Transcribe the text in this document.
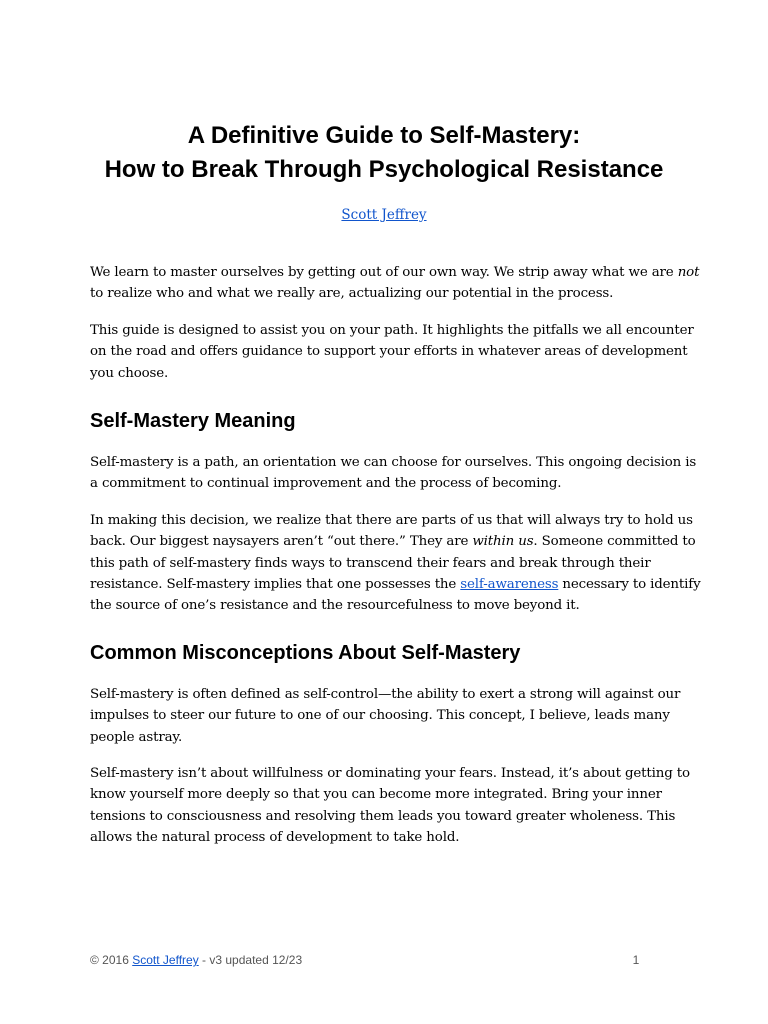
A Definitive Guide to Self-Mastery:
How to Break Through Psychological Resistance
Scott Jeffrey

We learn to master ourselves by getting out of our own way. We strip away what we are not
to realize who and what we really are, actualizing our potential in the process.

This guide is designed to assist you on your path. It highlights the pitfalls we all encounter
on the road and offers guidance to support your efforts in whatever areas of development
you choose.

Self-Mastery Meaning

Self-mastery is a path, an orientation we can choose for ourselves. This ongoing decision is
a commitment to continual improvement and the process of becoming.

In making this decision, we realize that there are parts of us that will always try to hold us
back. Our biggest naysayers aren’t “out there.” They are within us. Someone committed to
this path of self-mastery finds ways to transcend their fears and break through their
resistance. Self-mastery implies that one possesses the self-awareness necessary to identify
the source of one’s resistance and the resourcefulness to move beyond it.

Common Misconceptions About Self-Mastery

Self-mastery is often defined as self-control—the ability to exert a strong will against our
impulses to steer our future to one of our choosing. This concept, I believe, leads many
people astray.

Self-mastery isn’t about willfulness or dominating your fears. Instead, it’s about getting to
know yourself more deeply so that you can become more integrated. Bring your inner
tensions to consciousness and resolving them leads you toward greater wholeness. This
allows the natural process of development to take hold.

© 2016 Scott Jeffrey - v3 updated 12/23	1
